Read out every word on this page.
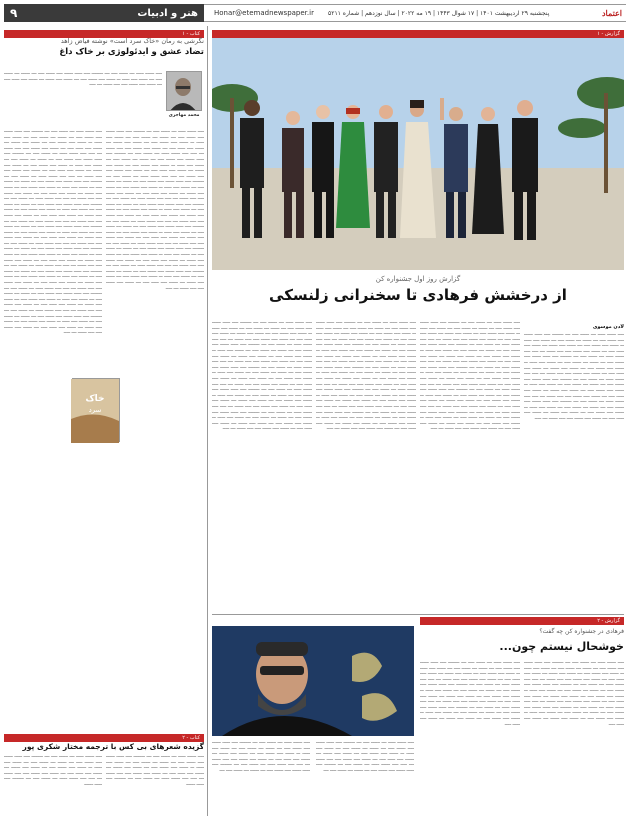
۹	هنر و ادبیات	Honar@etemadnewspaper.ir	پنجشنبه ۲۹ اردیبهشت ۱۴۰۱ | ۱۷ شوال ۱۴۴۳ | ۱۹ مه ۲۰۲۲ | سال نوزدهم | شماره ۵۲۱۱	اعتماد
کتاب - ۱	گزارش - ۱
کتاب - ۲
گزارش - ۲
نگرشی به رمان «خاک سرد است» نوشته فیاض زاهد
تضاد عشق و ایدئولوژی بر خاک داغ
محمد مهاجری

ـــــ ـــــــ ــــــ ــــ ـــــــ ـــــ ــــ ـــــــــ ـــــ ــــــ ـــــــ ـــــ ـــــــ ـــــ ــــ ـــــــ ــــ ـــــــ ـــــ ــــ ـــــــ ـــــ ــــــ ـــ ـــــــ ـــــ ـــــــ ـــــ ــــ ـــــــ ـــــ ـــــــ ــــ ـــــــ ـــــ ــــــ ـــــ ــــ ـــــــ ـــــ ـــــــ ـــــ ـــــ ـــــــ ــــ ـــــ

ـــــ ـــــــ ــــــ ــــ ـــــــ ـــــ ــــ ـــــــــ ـــــ ــــــ ـــــــ ـــــ ـــــــ ـــــ ــــ ـــــــ ــــ ـــــــ ـــــ ــــ ـــــــ ـــــ ــــــ ـــ ـــــــ ـــــ ـــــــ ـــــ ــــ ـــــــ ـــــ ـــــــ ــــ ـــــــ ـــــ ــــــ ـــــ ــــ ـــــــ ـــــ ـــــــ ـــــ ـــــ ـــــــ ــــ ـــــ ـــــ ـــــــ ــــــ ــــ ـــــــ ـــــ ــــ ـــــــــ ـــــ ــــــ ـــــــ ـــــ ـــــــ ـــــ ــــ ـــــــ ــــ ـــــــ ـــــ ــــ ـــــــ ـــــ ــــــ ـــ ـــــــ ـــــ ـــــــ ـــــ ــــ ـــــــ ـــــ ـــــــ ــــ ـــــــ ـــــ ــــــ ـــــ ــــ ـــــــ ـــــ ـــــــ ـــــ ـــــ ـــــــ ــــ ـــــ ـــــ ـــــــ ــــــ ــــ ـــــــ ـــــ ــــ ـــــــــ ـــــ ــــــ ـــــــ ـــــ ـــــــ ـــــ ــــ ـــــــ ــــ ـــــــ ـــــ ــــ ـــــــ ـــــ ــــــ ـــ ـــــــ ـــــ ـــــــ ـــــ ــــ ـــــــ ـــــ ـــــــ ــــ ـــــــ ـــــ ــــــ ـــــ ــــ ـــــــ ـــــ ـــــــ ـــــ ـــــ ـــــــ ــــ ـــــ ـــــ ـــــــ ــــــ ــــ ـــــــ ـــــ ــــ ـــــــــ ـــــ ــــــ ـــــــ ـــــ ـــــــ ـــــ ــــ ـــــــ ــــ ـــــــ ـــــ ــــ ـــــــ ـــــ ــــــ ـــ ـــــــ ـــــ ـــــــ ـــــ ــــ ـــــــ ـــــ ـــــــ ــــ ـــــــ ـــــ ــــــ ـــــ ــــ ـــــــ ـــــ ـــــــ ـــــ ـــــ ـــــــ ــــ ـــــ ـــــ ـــــــ ــــــ ــــ ـــــــ ـــــ ــــ ـــــــــ ـــــ ــــــ ـــــــ ـــــ ـــــــ ـــــ ــــ ـــــــ ــــ ـــــــ ـــــ ــــ ـــــــ ـــــ ــــــ ـــ ـــــــ ـــــ ـــــــ ـــــ ــــ ـــــــ ـــــ ـــــــ ــــ ـــــــ ـــــ ــــــ ـــــ ــــ ـــــــ ـــــ ـــــــ ـــــ ـــــ ـــــــ ــــ ـــــ ـــــ ـــــــ ــــــ ــــ ـــــــ ـــــ ــــ ـــــــــ ـــــ ــــــ ـــــــ ـــــ ـــــــ ـــــ ــــ ـــــــ ــــ ـــــــ ـــــ ــــ ـــــــ ـــــ ــــــ ـــ ـــــــ ـــــ ـــــــ ـــــ ــــ ـــــــ ـــــ ـــــــ ــــ ـــــــ ـــــ ــــــ ـــــ ــــ ـــــــ ـــــ ـــــــ ـــــ ـــــ ـــــــ ــــ ـــــ ـــــ ـــــــ ــــــ ــــ ـــــــ ـــــ ــــ ـــــــــ ـــــ ــــــ ـــــــ ـــــ ـــــــ ـــــ ــــ ـــــــ ــــ ـــــــ ـــــ ــــ ـــــــ ـــــ ــــــ ـــ ـــــــ ـــــ ـــــــ ـــــ ــــ ـــــــ ـــــ ـــــــ ــــ ـــــــ ـــــ ــــــ ـــــ ــــ ـــــــ ـــــ ـــــــ ـــــ ـــــ ـــــــ ــــ ـــــ ـــــ ـــــــ ــــــ ــــ ـــــــ ـــــ ــــ ـــــــــ ـــــ ــــــ ـــــــ ـــــ ـــــــ ـــــ ــــ ـــــــ ــــ ـــــــ ـــــ ــــ ـــــــ ـــــ ــــــ ـــ ـــــــ ـــــ ـــــــ ـــــ ــــ ـــــــ ـــــ ـــــــ ــــ ـــــــ ـــــ ــــــ ـــــ ــــ ـــــــ ـــــ ـــــــ ـــــ ـــــ ـــــــ ــــ ـــــ ـــــ ـــــــ ــــــ ــــ ـــــــ ـــــ ــــ ـــــــــ ـــــ ــــــ ـــــــ ـــــ ـــــــ ـــــ ــــ ـــــــ ــــ ـــــــ ـــــ ــــ ـــــــ ـــــ ــــــ ـــ ـــــــ ـــــ ـــــــ ـــــ ــــ ـــــــ ـــــ ـــــــ ــــ ـــــــ ـــــ ــــــ ـــــ ــــ ـــــــ ـــــ ـــــــ ـــــ ـــــ ـــــــ ــــ ـــــ

ـــــ ـــــــ ــــــ ــــ ـــــــ ـــــ ــــ ـــــــــ ـــــ ــــــ ـــــــ ـــــ ـــــــ ـــــ ــــ ـــــــ ــــ ـــــــ ـــــ ــــ ـــــــ ـــــ ــــــ ـــ ـــــــ ـــــ ـــــــ ـــــ ــــ ـــــــ ـــــ ـــــــ ــــ ـــــــ ـــــ ــــــ ـــــ ــــ ـــــــ ـــــ ـــــــ ـــــ ـــــ ـــــــ ــــ ـــــ ـــــ ـــــــ ــــــ ــــ ـــــــ ـــــ ــــ ـــــــــ ـــــ ــــــ ـــــــ ـــــ ـــــــ ـــــ ــــ ـــــــ ــــ ـــــــ ـــــ ــــ ـــــــ ـــــ ــــــ ـــ ـــــــ ـــــ ـــــــ ـــــ ــــ ـــــــ ـــــ ـــــــ ــــ ـــــــ ـــــ ــــــ ـــــ ــــ ـــــــ ـــــ ـــــــ ـــــ ـــــ ـــــــ ــــ ـــــ ـــــ ـــــــ ــــــ ــــ ـــــــ ـــــ ــــ ـــــــــ ـــــ ــــــ ـــــــ ـــــ ـــــــ ـــــ ــــ ـــــــ ــــ ـــــــ ـــــ ــــ ـــــــ ـــــ ــــــ ـــ ـــــــ ـــــ ـــــــ ـــــ ــــ ـــــــ ـــــ ـــــــ ــــ ـــــــ ـــــ ــــــ ـــــ ــــ ـــــــ ـــــ ـــــــ ـــــ ـــــ ـــــــ ــــ ـــــ ـــــ ـــــــ ــــــ ــــ ـــــــ ـــــ ــــ ـــــــــ ـــــ ــــــ ـــــــ ـــــ ـــــــ ـــــ ــــ ـــــــ ــــ ـــــــ ـــــ ــــ ـــــــ ـــــ ــــــ ـــ ـــــــ ـــــ ـــــــ ـــــ ــــ ـــــــ ـــــ ـــــــ ــــ ـــــــ ـــــ ــــــ ـــــ ــــ ـــــــ ـــــ ـــــــ ـــــ ـــــ ـــــــ ــــ ـــــ ـــــ ـــــــ ــــــ ــــ ـــــــ ـــــ ــــ ـــــــــ ـــــ ــــــ ـــــــ ـــــ ـــــــ ـــــ ــــ ـــــــ ــــ ـــــــ ـــــ ــــ ـــــــ ـــــ ــــــ ـــ ـــــــ ـــــ ـــــــ ـــــ ــــ ـــــــ ـــــ ـــــــ ــــ ـــــــ ـــــ ــــــ ـــــ ــــ ـــــــ ـــــ ـــــــ ـــــ ـــــ ـــــــ ــــ ـــــ ـــــ ـــــــ ــــــ ــــ ـــــــ ـــــ ــــ ـــــــــ ـــــ ــــــ ـــــــ ـــــ ـــــــ ـــــ ــــ ـــــــ ــــ ـــــــ ـــــ ــــ ـــــــ ـــــ ــــــ ـــ ـــــــ ـــــ ـــــــ ـــــ ــــ ـــــــ ـــــ ـــــــ ــــ ـــــــ ـــــ ــــــ ـــــ ــــ ـــــــ ـــــ ـــــــ ـــــ ـــــ ـــــــ ــــ ـــــ ـــــ ـــــــ ــــــ ــــ ـــــــ ـــــ ــــ ـــــــــ ـــــ ــــــ ـــــــ ـــــ ـــــــ ـــــ ــــ ـــــــ ــــ ـــــــ ـــــ ــــ ـــــــ ـــــ ــــــ ـــ ـــــــ ـــــ ـــــــ ـــــ ــــ ـــــــ ـــــ ـــــــ ــــ ـــــــ ـــــ ــــــ ـــــ ــــ ـــــــ ـــــ ـــــــ ـــــ ـــــ ـــــــ ــــ ـــــ

خاک
سرد
گزارش روز اول جشنواره کن
از درخشش فرهادی تا سخنرانی زلنسکی
لادن موسوی

ـــــ ـــــــ ــــــ ــــ ـــــــ ـــــ ــــ ـــــــــ ـــــ ــــــ ـــــــ ـــــ ـــــــ ـــــ ــــ ـــــــ ــــ ـــــــ ـــــ ــــ ـــــــ ـــــ ــــــ ـــ ـــــــ ـــــ ـــــــ ـــــ ــــ ـــــــ ـــــ ـــــــ ــــ ـــــــ ـــــ ــــــ ـــــ ــــ ـــــــ ـــــ ـــــــ ـــــ ـــــ ـــــــ ــــ ـــــ ـــــ ـــــــ ــــــ ــــ ـــــــ ـــــ ــــ ـــــــــ ـــــ ــــــ ـــــــ ـــــ ـــــــ ـــــ ــــ ـــــــ ــــ ـــــــ ـــــ ــــ ـــــــ ـــــ ــــــ ـــ ـــــــ ـــــ ـــــــ ـــــ ــــ ـــــــ ـــــ ـــــــ ــــ ـــــــ ـــــ ــــــ ـــــ ــــ ـــــــ ـــــ ـــــــ ـــــ ـــــ ـــــــ ــــ ـــــ ـــــ ـــــــ ــــــ ــــ ـــــــ ـــــ ــــ ـــــــــ ـــــ ــــــ ـــــــ ـــــ ـــــــ ـــــ ــــ ـــــــ ــــ ـــــــ ـــــ ــــ ـــــــ ـــــ ــــــ ـــ ـــــــ ـــــ ـــــــ ـــــ ــــ ـــــــ ـــــ ـــــــ ــــ ـــــــ ـــــ ــــــ ـــــ ــــ ـــــــ ـــــ ـــــــ ـــــ ـــــ ـــــــ ــــ ـــــ ـــــ ـــــــ ــــــ ــــ ـــــــ ـــــ ــــ ـــــــــ ـــــ ــــــ ـــــــ ـــــ ـــــــ ـــــ ــــ ـــــــ ــــ ـــــــ ـــــ ــــ ـــــــ ـــــ ــــــ ـــ ـــــــ ـــــ ـــــــ ـــــ ــــ ـــــــ ـــــ ـــــــ ــــ ـــــــ ـــــ ــــــ ـــــ ــــ ـــــــ ـــــ ـــــــ ـــــ ـــــ ـــــــ ــــ ـــــ

ـــــ ـــــــ ــــــ ــــ ـــــــ ـــــ ــــ ـــــــــ ـــــ ــــــ ـــــــ ـــــ ـــــــ ـــــ ــــ ـــــــ ــــ ـــــــ ـــــ ــــ ـــــــ ـــــ ــــــ ـــ ـــــــ ـــــ ـــــــ ـــــ ــــ ـــــــ ـــــ ـــــــ ــــ ـــــــ ـــــ ــــــ ـــــ ــــ ـــــــ ـــــ ـــــــ ـــــ ـــــ ـــــــ ــــ ـــــ ـــــ ـــــــ ــــــ ــــ ـــــــ ـــــ ــــ ـــــــــ ـــــ ــــــ ـــــــ ـــــ ـــــــ ـــــ ــــ ـــــــ ــــ ـــــــ ـــــ ــــ ـــــــ ـــــ ــــــ ـــ ـــــــ ـــــ ـــــــ ـــــ ــــ ـــــــ ـــــ ـــــــ ــــ ـــــــ ـــــ ــــــ ـــــ ــــ ـــــــ ـــــ ـــــــ ـــــ ـــــ ـــــــ ــــ ـــــ ـــــ ـــــــ ــــــ ــــ ـــــــ ـــــ ــــ ـــــــــ ـــــ ــــــ ـــــــ ـــــ ـــــــ ـــــ ــــ ـــــــ ــــ ـــــــ ـــــ ــــ ـــــــ ـــــ ــــــ ـــ ـــــــ ـــــ ـــــــ ـــــ ــــ ـــــــ ـــــ ـــــــ ــــ ـــــــ ـــــ ــــــ ـــــ ــــ ـــــــ ـــــ ـــــــ ـــــ ـــــ ـــــــ ــــ ـــــ ـــــ ـــــــ ــــــ ــــ ـــــــ ـــــ ــــ ـــــــــ ـــــ ــــــ ـــــــ ـــــ ـــــــ ـــــ ــــ ـــــــ ــــ ـــــــ ـــــ ــــ ـــــــ ـــــ ــــــ ـــ ـــــــ ـــــ ـــــــ ـــــ ــــ ـــــــ ـــــ ـــــــ ــــ ـــــــ ـــــ ــــــ ـــــ ــــ ـــــــ ـــــ ـــــــ ـــــ ـــــ ـــــــ ــــ ـــــ ـــــ ـــــــ ــــــ ــــ ـــــــ ـــــ ــــ ـــــــــ ـــــ ــــــ ـــــــ ـــــ ـــــــ ـــــ ــــ ـــــــ ــــ ـــــــ ـــــ ــــ ـــــــ ـــــ ــــــ ـــ ـــــــ ـــــ ـــــــ ـــــ ــــ ـــــــ ـــــ ـــــــ ــــ ـــــــ ـــــ ــــــ ـــــ ــــ ـــــــ ـــــ ـــــــ ـــــ ـــــ ـــــــ ــــ ـــــ

ـــــ ـــــــ ــــــ ــــ ـــــــ ـــــ ــــ ـــــــــ ـــــ ــــــ ـــــــ ـــــ ـــــــ ـــــ ــــ ـــــــ ــــ ـــــــ ـــــ ــــ ـــــــ ـــــ ــــــ ـــ ـــــــ ـــــ ـــــــ ـــــ ــــ ـــــــ ـــــ ـــــــ ــــ ـــــــ ـــــ ــــــ ـــــ ــــ ـــــــ ـــــ ـــــــ ـــــ ـــــ ـــــــ ــــ ـــــ ـــــ ـــــــ ــــــ ــــ ـــــــ ـــــ ــــ ـــــــــ ـــــ ــــــ ـــــــ ـــــ ـــــــ ـــــ ــــ ـــــــ ــــ ـــــــ ـــــ ــــ ـــــــ ـــــ ــــــ ـــ ـــــــ ـــــ ـــــــ ـــــ ــــ ـــــــ ـــــ ـــــــ ــــ ـــــــ ـــــ ــــــ ـــــ ــــ ـــــــ ـــــ ـــــــ ـــــ ـــــ ـــــــ ــــ ـــــ ـــــ ـــــــ ــــــ ــــ ـــــــ ـــــ ــــ ـــــــــ ـــــ ــــــ ـــــــ ـــــ ـــــــ ـــــ ــــ ـــــــ ــــ ـــــــ ـــــ ــــ ـــــــ ـــــ ــــــ ـــ ـــــــ ـــــ ـــــــ ـــــ ــــ ـــــــ ـــــ ـــــــ ــــ ـــــــ ـــــ ــــــ ـــــ ــــ ـــــــ ـــــ ـــــــ ـــــ ـــــ ـــــــ ــــ ـــــ ـــــ ـــــــ ــــــ ــــ ـــــــ ـــــ ــــ ـــــــــ ـــــ ــــــ ـــــــ ـــــ ـــــــ ـــــ ــــ ـــــــ ــــ ـــــــ ـــــ ــــ ـــــــ ـــــ ــــــ ـــ ـــــــ ـــــ ـــــــ ـــــ ــــ ـــــــ ـــــ ـــــــ ــــ ـــــــ ـــــ ــــــ ـــــ ــــ ـــــــ ـــــ ـــــــ ـــــ ـــــ ـــــــ ــــ ـــــ ـــــ ـــــــ ــــــ ــــ ـــــــ ـــــ ــــ ـــــــــ ـــــ ــــــ ـــــــ ـــــ ـــــــ ـــــ ــــ ـــــــ ــــ ـــــــ ـــــ ــــ ـــــــ ـــــ ــــــ ـــ ـــــــ ـــــ ـــــــ ـــــ ــــ ـــــــ ـــــ ـــــــ ــــ ـــــــ ـــــ ــــــ ـــــ ــــ ـــــــ ـــــ ـــــــ ـــــ ـــــ ـــــــ ــــ ـــــ

ـــــ ـــــــ ــــــ ــــ ـــــــ ـــــ ــــ ـــــــــ ـــــ ــــــ ـــــــ ـــــ ـــــــ ـــــ ــــ ـــــــ ــــ ـــــــ ـــــ ــــ ـــــــ ـــــ ــــــ ـــ ـــــــ ـــــ ـــــــ ـــــ ــــ ـــــــ ـــــ ـــــــ ــــ ـــــــ ـــــ ــــــ ـــــ ــــ ـــــــ ـــــ ـــــــ ـــــ ـــــ ـــــــ ــــ ـــــ ـــــ ـــــــ ــــــ ــــ ـــــــ ـــــ ــــ ـــــــــ ـــــ ــــــ ـــــــ ـــــ ـــــــ ـــــ ــــ ـــــــ ــــ ـــــــ ـــــ ــــ ـــــــ ـــــ ــــــ ـــ ـــــــ ـــــ ـــــــ ـــــ ــــ ـــــــ ـــــ ـــــــ ــــ ـــــــ ـــــ ــــــ ـــــ ــــ ـــــــ ـــــ ـــــــ ـــــ ـــــ ـــــــ ــــ ـــــ ـــــ ـــــــ ــــــ ــــ ـــــــ ـــــ ــــ ـــــــــ ـــــ ــــــ ـــــــ ـــــ ـــــــ ـــــ ــــ ـــــــ ــــ ـــــــ ـــــ ــــ ـــــــ ـــــ ــــــ ـــ ـــــــ ـــــ ـــــــ ـــــ ــــ ـــــــ ـــــ ـــــــ ــــ ـــــــ ـــــ ــــــ ـــــ ــــ ـــــــ ـــــ ـــــــ ـــــ ـــــ ـــــــ ــــ ـــــ ـــــ ـــــــ ــــــ ــــ ـــــــ ـــــ ــــ ـــــــــ ـــــ ــــــ ـــــــ ـــــ ـــــــ ـــــ ــــ ـــــــ ــــ ـــــــ ـــــ ــــ ـــــــ ـــــ ــــــ ـــ ـــــــ ـــــ ـــــــ ـــــ ــــ ـــــــ ـــــ ـــــــ ــــ ـــــــ ـــــ ــــــ ـــــ ــــ ـــــــ ـــــ ـــــــ ـــــ ـــــ ـــــــ ــــ ـــــ ـــــ ـــــــ ــــــ ــــ ـــــــ ـــــ ــــ ـــــــــ ـــــ ــــــ ـــــــ ـــــ ـــــــ ـــــ ــــ ـــــــ ــــ ـــــــ ـــــ ــــ ـــــــ ـــــ ــــــ ـــ ـــــــ ـــــ ـــــــ ـــــ ــــ ـــــــ ـــــ ـــــــ ــــ ـــــــ ـــــ ــــــ ـــــ ــــ ـــــــ ـــــ ـــــــ ـــــ ـــــ ـــــــ ــــ ـــــ

فرهادی در جشنواره کن چه گفت؟
خوشحال نیستم چون...

ـــــ ـــــــ ــــــ ــــ ـــــــ ـــــ ــــ ـــــــــ ـــــ ــــــ ـــــــ ـــــ ـــــــ ـــــ ــــ ـــــــ ــــ ـــــــ ـــــ ــــ ـــــــ ـــــ ــــــ ـــ ـــــــ ـــــ ـــــــ ـــــ ــــ ـــــــ ـــــ ـــــــ ــــ ـــــــ ـــــ ــــــ ـــــ ــــ ـــــــ ـــــ ـــــــ ـــــ ـــــ ـــــــ ــــ ـــــ ـــــ ـــــــ ــــــ ــــ ـــــــ ـــــ ــــ ـــــــــ ـــــ ــــــ ـــــــ ـــــ ـــــــ ـــــ ــــ ـــــــ ــــ ـــــــ ـــــ ــــ ـــــــ ـــــ ــــــ ـــ ـــــــ ـــــ ـــــــ ـــــ ــــ ـــــــ ـــــ ـــــــ ــــ ـــــــ ـــــ ــــــ ـــــ ــــ ـــــــ ـــــ ـــــــ ـــــ ـــــ ـــــــ ــــ ـــــ ـــــ ـــــــ ــــــ ــــ ـــــــ ـــــ ــــ ـــــــــ ـــــ ــــــ ـــــــ ـــــ ـــــــ ـــــ ــــ ـــــــ ــــ ـــــــ ـــــ ــــ ـــــــ ـــــ ــــــ ـــ ـــــــ ـــــ ـــــــ ـــــ ــــ ـــــــ ـــــ ـــــــ ــــ ـــــــ ـــــ ــــــ ـــــ

ـــــ ـــــــ ــــــ ــــ ـــــــ ـــــ ــــ ـــــــــ ـــــ ــــــ ـــــــ ـــــ ـــــــ ـــــ ــــ ـــــــ ــــ ـــــــ ـــــ ــــ ـــــــ ـــــ ــــــ ـــ ـــــــ ـــــ ـــــــ ـــــ ــــ ـــــــ ـــــ ـــــــ ــــ ـــــــ ـــــ ــــــ ـــــ ــــ ـــــــ ـــــ ـــــــ ـــــ ـــــ ـــــــ ــــ ـــــ ـــــ ـــــــ ــــــ ــــ ـــــــ ـــــ ــــ ـــــــــ ـــــ ــــــ ـــــــ ـــــ ـــــــ ـــــ ــــ ـــــــ ــــ ـــــــ ـــــ ــــ ـــــــ ـــــ ــــــ ـــ ـــــــ ـــــ ـــــــ ـــــ ــــ ـــــــ ـــــ ـــــــ ــــ ـــــــ ـــــ ــــــ ـــــ ــــ ـــــــ ـــــ ـــــــ ـــــ ـــــ ـــــــ ــــ ـــــ ـــــ ـــــــ ــــــ ــــ ـــــــ ـــــ ــــ ـــــــــ ـــــ ــــــ ـــــــ ـــــ ـــــــ ـــــ ــــ ـــــــ ــــ ـــــــ ـــــ ــــ ـــــــ ـــــ ــــــ ـــ ـــــــ ـــــ ـــــــ ـــــ ــــ ـــــــ ـــــ ـــــــ ــــ ـــــــ ـــــ ــــــ ـــــ

گزیده شعرهای بی کس با ترجمه مختار شکری پور

ـــــ ـــــــ ــــــ ــــ ـــــــ ـــــ ــــ ـــــــــ ـــــ ــــــ ـــــــ ـــــ ـــــــ ـــــ ــــ ـــــــ ــــ ـــــــ ـــــ ــــ ـــــــ ـــــ ــــــ ـــ ـــــــ ـــــ ـــــــ ـــــ ــــ ـــــــ ـــــ ـــــــ ــــ ـــــــ ـــــ ــــــ ـــــ ــــ ـــــــ ـــــ ـــــــ ـــــ ـــــ ـــــــ ــــ ـــــ ـــــ ـــــــ ــــــ ــــ ـــــــ ـــــ ــــ ـــــــــ ـــــ ــــــ ـــــــ

ـــــ ـــــــ ــــــ ــــ ـــــــ ـــــ ــــ ـــــــــ ـــــ ــــــ ـــــــ ـــــ ـــــــ ـــــ ــــ ـــــــ ــــ ـــــــ ـــــ ــــ ـــــــ ـــــ ــــــ ـــ ـــــــ ـــــ ـــــــ ـــــ ــــ ـــــــ ـــــ ـــــــ ــــ ـــــــ ـــــ ــــــ ـــــ ــــ ـــــــ ـــــ ـــــــ ـــــ ـــــ ـــــــ ــــ ـــــ ـــــ ـــــــ ــــــ ــــ ـــــــ ـــــ ــــ ـــــــــ ـــــ ــــــ ـــــــ

ـــــ ـــــــ ــــــ ــــ ـــــــ ـــــ ــــ ـــــــــ ـــــ ــــــ ـــــــ ـــــ ـــــــ ـــــ ــــ ـــــــ ــــ ـــــــ ـــــ ــــ ـــــــ ـــــ ــــــ ـــ ـــــــ ـــــ ـــــــ ـــــ ــــ ـــــــ ـــــ ـــــــ ــــ ـــــــ ـــــ ــــــ ـــــ ــــ ـــــــ ـــــ ـــــــ ـــــ ـــــ ـــــــ ــــ ـــــ ـــــ ـــــــ ــــــ ــــ ـــــــ ـــــ ــــ ـــــــــ ـــــ ــــــ ـــــــ ـــــ ـــــــ ـــــ ــــ ـــــــ ــــ ـــــــ ـــــ ــــ

ـــــ ـــــــ ــــــ ــــ ـــــــ ـــــ ــــ ـــــــــ ـــــ ــــــ ـــــــ ـــــ ـــــــ ـــــ ــــ ـــــــ ــــ ـــــــ ـــــ ــــ ـــــــ ـــــ ــــــ ـــ ـــــــ ـــــ ـــــــ ـــــ ــــ ـــــــ ـــــ ـــــــ ــــ ـــــــ ـــــ ــــــ ـــــ ــــ ـــــــ ـــــ ـــــــ ـــــ ـــــ ـــــــ ــــ ـــــ ـــــ ـــــــ ــــــ ــــ ـــــــ ـــــ ــــ ـــــــــ ـــــ ــــــ ـــــــ ـــــ ـــــــ ـــــ ــــ ـــــــ ــــ ـــــــ ـــــ ــــ
